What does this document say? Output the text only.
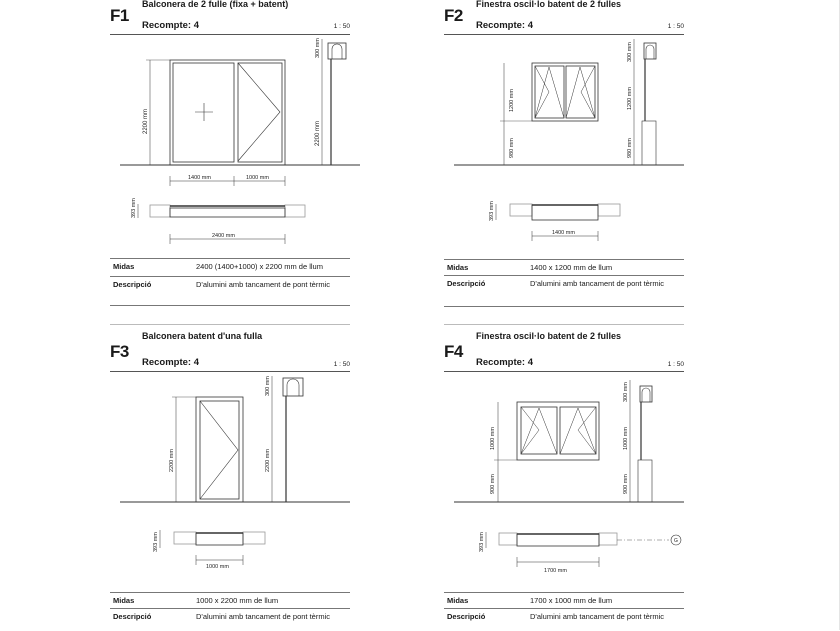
F1
Balconera de 2 fulle (fixa + batent)
Recompte: 4	1 : 50
2200 mm	2200 mm
300 mm
393 mm
1400 mm	1000 mm
2400 mm
Midas	2400 (1400+1000) x 2200 mm de llum
Descripció	D'alumini amb tancament de pont tèrmic
F2
Finestra oscil·lo batent de 2 fulles
Recompte: 4	1 : 50
1200 mm
980 mm
1200 mm
980 mm
300 mm
393 mm
1400 mm
Midas	1400 x 1200 mm de llum
Descripció	D'alumini amb tancament de pont tèrmic
F3
Balconera batent d'una fulla
Recompte: 4	1 : 50
2200 mm	2200 mm
300 mm
393 mm
1000 mm
Midas	1000 x 2200 mm de llum
Descripció	D'alumini amb tancament de pont tèrmic
F4
Finestra oscil·lo batent de 2 fulles
Recompte: 4	1 : 50
1000 mm
900 mm
1000 mm
900 mm
300 mm
393 mm	G
1700 mm
Midas	1700 x 1000 mm de llum
Descripció	D'alumini amb tancament de pont tèrmic
